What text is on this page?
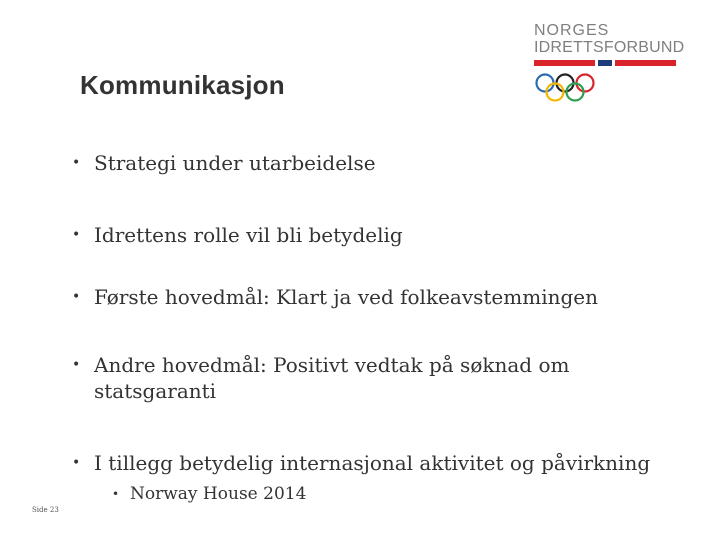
Kommunikasjon
NORGES
IDRETTSFORBUND
• Strategi under utarbeidelse
• Idrettens rolle vil bli betydelig
• Første hovedmål: Klart ja ved folkeavstemmingen
• Andre hovedmål: Positivt vedtak på søknad om statsgaranti
• I tillegg betydelig internasjonal aktivitet og påvirkning
• Norway House 2014
Side 23
